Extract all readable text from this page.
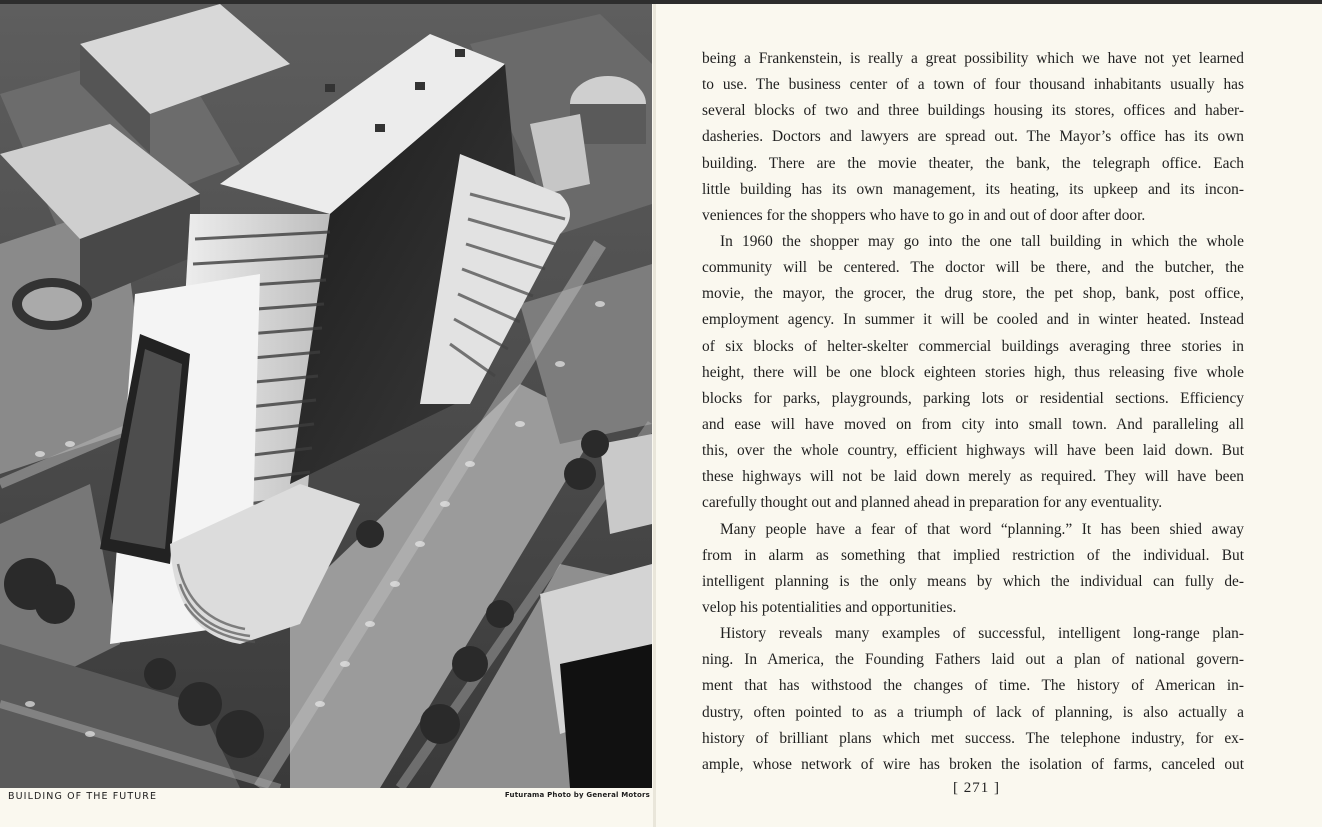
BUILDING OF THE FUTURE	Futurama Photo by General Motors
being a Frankenstein, is really a great possibility which we have not yet learned
to use. The business center of a town of four thousand inhabitants usually has
several blocks of two and three buildings housing its stores, offices and haber-
dasheries. Doctors and lawyers are spread out. The Mayor’s office has its own
building. There are the movie theater, the bank, the telegraph office. Each
little building has its own management, its heating, its upkeep and its incon-
veniences for the shoppers who have to go in and out of door after door.
In 1960 the shopper may go into the one tall building in which the whole
community will be centered. The doctor will be there, and the butcher, the
movie, the mayor, the grocer, the drug store, the pet shop, bank, post office,
employment agency. In summer it will be cooled and in winter heated. Instead
of six blocks of helter-skelter commercial buildings averaging three stories in
height, there will be one block eighteen stories high, thus releasing five whole
blocks for parks, playgrounds, parking lots or residential sections. Efficiency
and ease will have moved on from city into small town. And paralleling all
this, over the whole country, efficient highways will have been laid down. But
these highways will not be laid down merely as required. They will have been
carefully thought out and planned ahead in preparation for any eventuality.
Many people have a fear of that word “planning.” It has been shied away
from in alarm as something that implied restriction of the individual. But
intelligent planning is the only means by which the individual can fully de-
velop his potentialities and opportunities.
History reveals many examples of successful, intelligent long-range plan-
ning. In America, the Founding Fathers laid out a plan of national govern-
ment that has withstood the changes of time. The history of American in-
dustry, often pointed to as a triumph of lack of planning, is also actually a
history of brilliant plans which met success. The telephone industry, for ex-
ample, whose network of wire has broken the isolation of farms, canceled out
[ 271 ]
